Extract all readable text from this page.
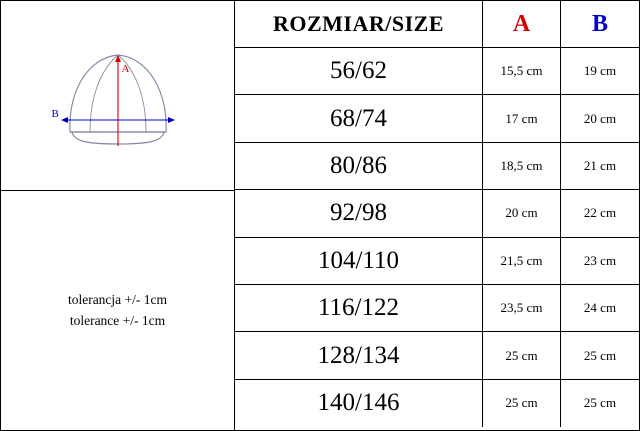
A
B
tolerancja +/- 1cm
tolerance +/- 1cm
ROZMIAR/SIZE	A	B
56/62	15,5 cm	19 cm
68/74	17 cm	20 cm
80/86	18,5 cm	21 cm
92/98	20 cm	22 cm
104/110	21,5 cm	23 cm
116/122	23,5 cm	24 cm
128/134	25 cm	25 cm
140/146	25 cm	25 cm
